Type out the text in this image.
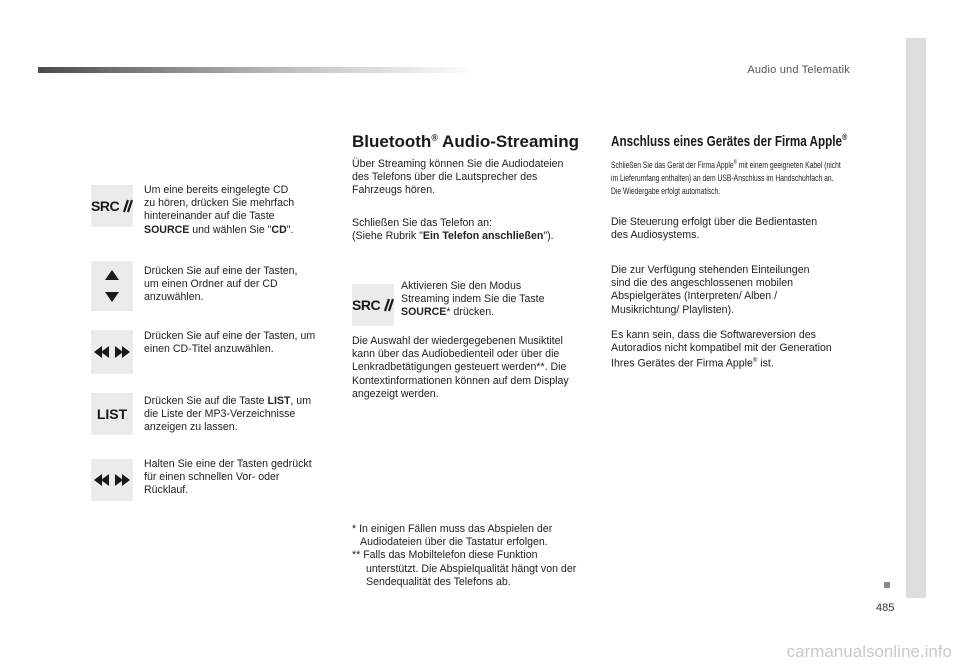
Audio und Telematik
485
SRC
Um eine bereits eingelegte CD
zu hören, drücken Sie mehrfach
hintereinander auf die Taste
SOURCE und wählen Sie "CD".
Drücken Sie auf eine der Tasten,
um einen Ordner auf der CD
anzuwählen.
Drücken Sie auf eine der Tasten, um
einen CD-Titel anzuwählen.
LIST
Drücken Sie auf die Taste LIST, um
die Liste der MP3-Verzeichnisse
anzeigen zu lassen.
Halten Sie eine der Tasten gedrückt
für einen schnellen Vor- oder
Rücklauf.
Bluetooth® Audio-Streaming
Über Streaming können Sie die Audiodateien
des Telefons über die Lautsprecher des
Fahrzeugs hören.
Schließen Sie das Telefon an:
(Siehe Rubrik "Ein Telefon anschließen").
SRC
Aktivieren Sie den Modus
Streaming indem Sie die Taste
SOURCE* drücken.
Die Auswahl der wiedergegebenen Musiktitel
kann über das Audiobedienteil oder über die
Lenkradbetätigungen gesteuert werden**. Die
Kontextinformationen können auf dem Display
angezeigt werden.
* In einigen Fällen muss das Abspielen der
Audiodateien über die Tastatur erfolgen.
** Falls das Mobiltelefon diese Funktion
unterstützt. Die Abspielqualität hängt von der
Sendequalität des Telefons ab.
Anschluss eines Gerätes der Firma Apple®
Schließen Sie das Gerät der Firma Apple® mit einem geeigneten Kabel (nicht
im Lieferumfang enthalten) an dem USB-Anschluss im Handschuhfach an.
Die Wiedergabe erfolgt automatisch.
Die Steuerung erfolgt über die Bedientasten
des Audiosystems.
Die zur Verfügung stehenden Einteilungen
sind die des angeschlossenen mobilen
Abspielgerätes (Interpreten/ Alben /
Musikrichtung/ Playlisten).
Es kann sein, dass die Softwareversion des
Autoradios nicht kompatibel mit der Generation
Ihres Gerätes der Firma Apple® ist.
carmanualsonline.info
